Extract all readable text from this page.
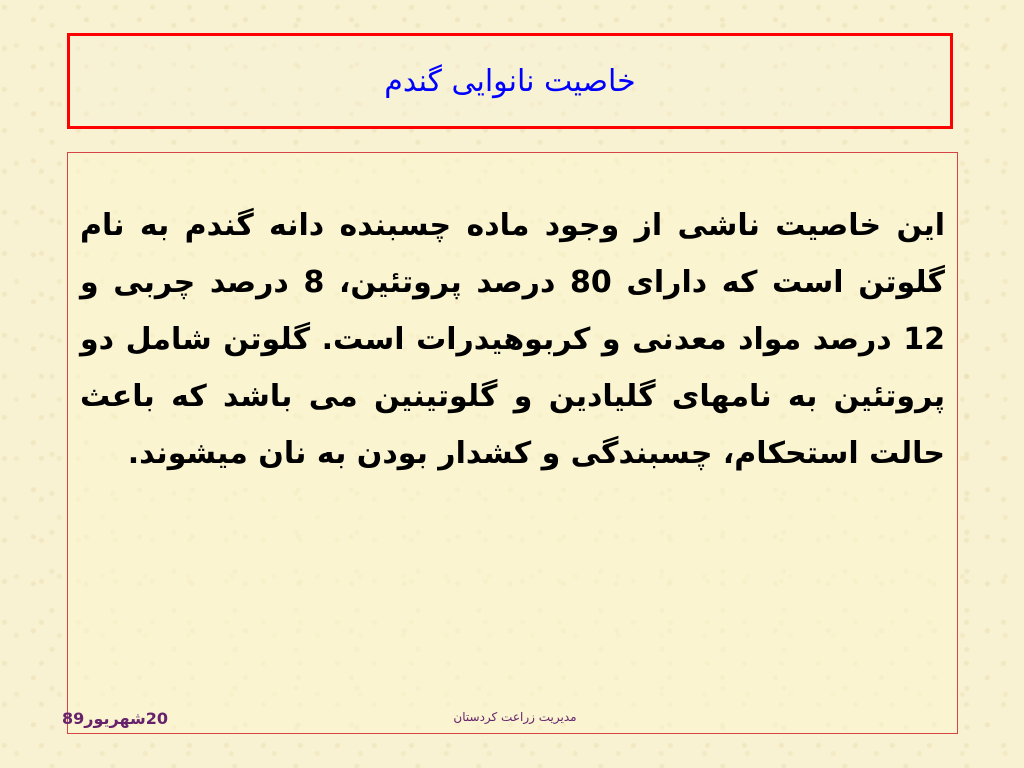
خاصیت نانوایی گندم

این خاصیت ناشی از وجود ماده چسبنده دانه گندم به نام گلوتن است که دارای 80 درصد پروتئین، 8 درصد چربی و 12 درصد مواد معدنی و کربوهیدرات است. گلوتن شامل دو پروتئین به نامهای گلیادین و گلوتینین می باشد که باعث حالت استحکام، چسبندگی و کشدار بودن به نان میشوند.

20شهریور89	مدیریت زراعت کردستان
